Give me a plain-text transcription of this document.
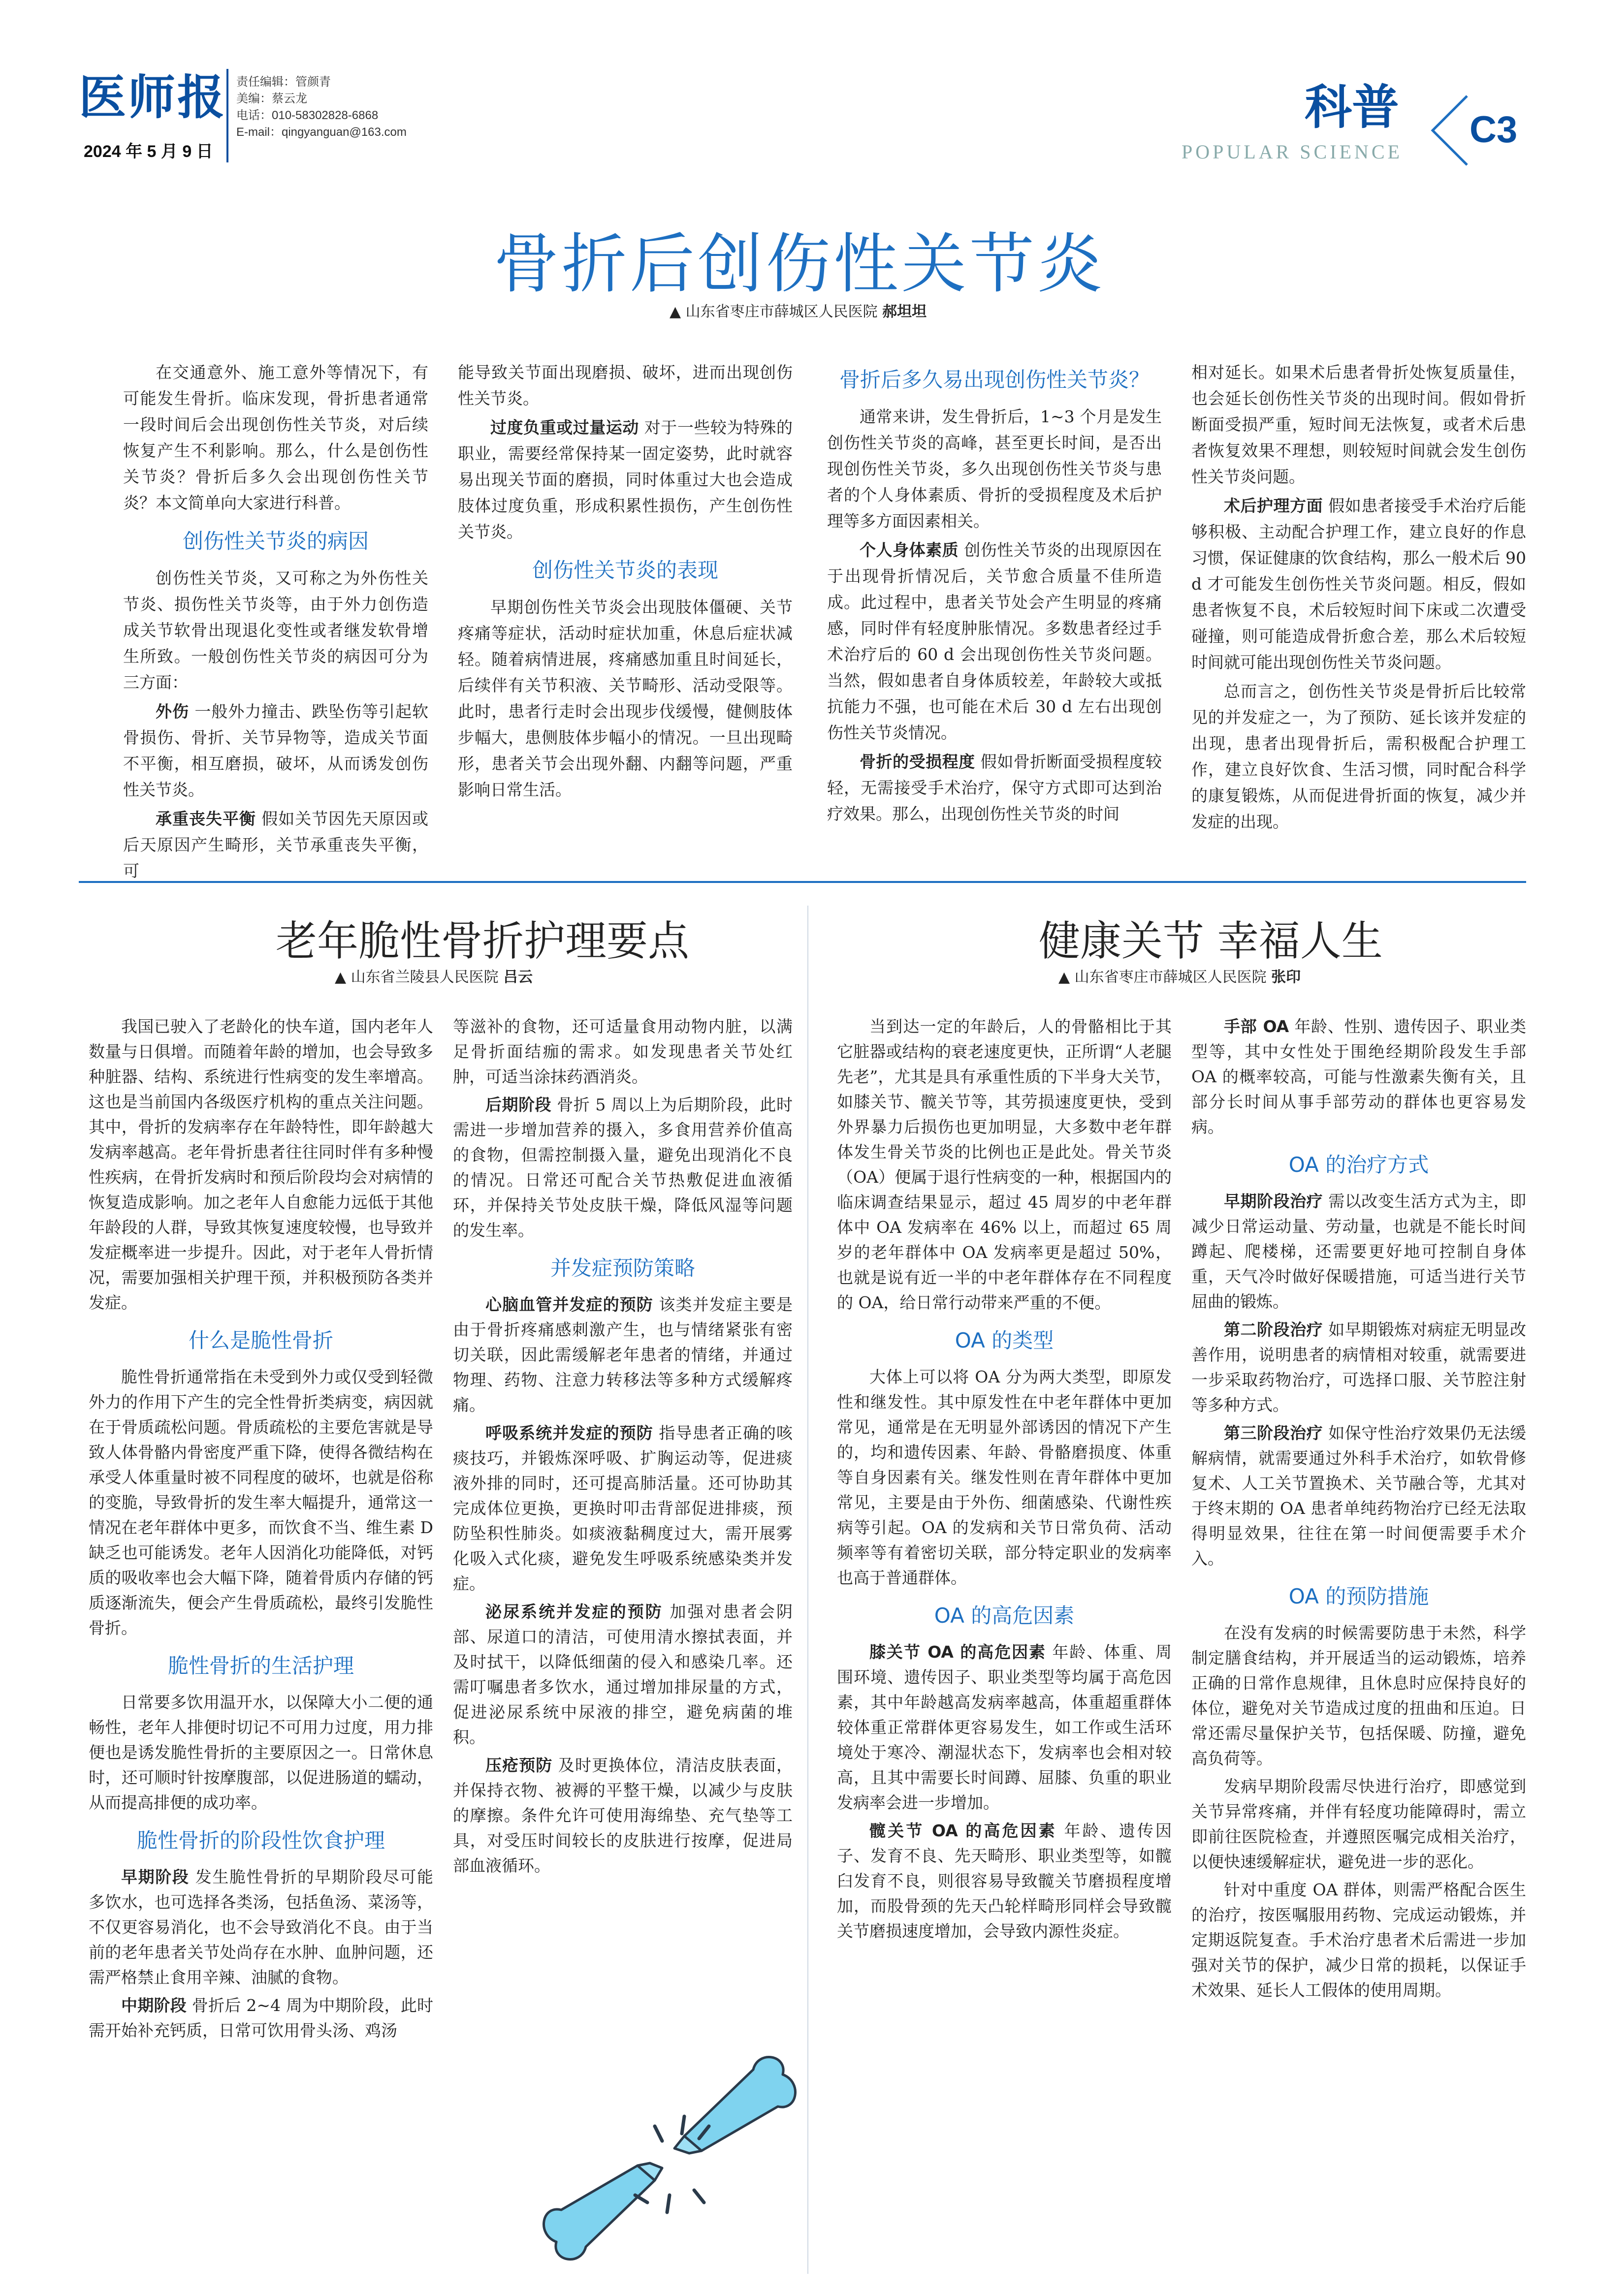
医师报
2024 年 5 月 9 日
责任编辑：管颜青
美编：蔡云龙
电话：010-58302828-6868
E-mail：qingyanguan@163.com	科普
POPULAR SCIENCE
C3
骨折后创伤性关节炎
▲ 山东省枣庄市薛城区人民医院 郝坦坦

在交通意外、施工意外等情况下，有可能发生骨折。临床发现，骨折患者通常一段时间后会出现创伤性关节炎，对后续恢复产生不利影响。那么，什么是创伤性关节炎？骨折后多久会出现创伤性关节炎？本文简单向大家进行科普。

创伤性关节炎的病因

创伤性关节炎，又可称之为外伤性关节炎、损伤性关节炎等，由于外力创伤造成关节软骨出现退化变性或者继发软骨增生所致。一般创伤性关节炎的病因可分为三方面：

外伤 一般外力撞击、跌坠伤等引起软骨损伤、骨折、关节异物等，造成关节面不平衡，相互磨损，破坏，从而诱发创伤性关节炎。

承重丧失平衡 假如关节因先天原因或后天原因产生畸形，关节承重丧失平衡，可

能导致关节面出现磨损、破坏，进而出现创伤性关节炎。

过度负重或过量运动 对于一些较为特殊的职业，需要经常保持某一固定姿势，此时就容易出现关节面的磨损，同时体重过大也会造成肢体过度负重，形成积累性损伤，产生创伤性关节炎。

创伤性关节炎的表现

早期创伤性关节炎会出现肢体僵硬、关节疼痛等症状，活动时症状加重，休息后症状减轻。随着病情进展，疼痛感加重且时间延长，后续伴有关节积液、关节畸形、活动受限等。此时，患者行走时会出现步伐缓慢，健侧肢体步幅大，患侧肢体步幅小的情况。一旦出现畸形，患者关节会出现外翻、内翻等问题，严重影响日常生活。

骨折后多久易出现创伤性关节炎？

通常来讲，发生骨折后，1~3 个月是发生创伤性关节炎的高峰，甚至更长时间，是否出现创伤性关节炎，多久出现创伤性关节炎与患者的个人身体素质、骨折的受损程度及术后护理等多方面因素相关。

个人身体素质 创伤性关节炎的出现原因在于出现骨折情况后，关节愈合质量不佳所造成。此过程中，患者关节处会产生明显的疼痛感，同时伴有轻度肿胀情况。多数患者经过手术治疗后的 60 d 会出现创伤性关节炎问题。当然，假如患者自身体质较差，年龄较大或抵抗能力不强，也可能在术后 30 d 左右出现创伤性关节炎情况。

骨折的受损程度 假如骨折断面受损程度较轻，无需接受手术治疗，保守方式即可达到治疗效果。那么，出现创伤性关节炎的时间

相对延长。如果术后患者骨折处恢复质量佳，也会延长创伤性关节炎的出现时间。假如骨折断面受损严重，短时间无法恢复，或者术后患者恢复效果不理想，则较短时间就会发生创伤性关节炎问题。

术后护理方面 假如患者接受手术治疗后能够积极、主动配合护理工作，建立良好的作息习惯，保证健康的饮食结构，那么一般术后 90 d 才可能发生创伤性关节炎问题。相反，假如患者恢复不良，术后较短时间下床或二次遭受碰撞，则可能造成骨折愈合差，那么术后较短时间就可能出现创伤性关节炎问题。

总而言之，创伤性关节炎是骨折后比较常见的并发症之一，为了预防、延长该并发症的出现，患者出现骨折后，需积极配合护理工作，建立良好饮食、生活习惯，同时配合科学的康复锻炼，从而促进骨折面的恢复，减少并发症的出现。

老年脆性骨折护理要点
▲ 山东省兰陵县人民医院 吕云

我国已驶入了老龄化的快车道，国内老年人数量与日俱增。而随着年龄的增加，也会导致多种脏器、结构、系统进行性病变的发生率增高。这也是当前国内各级医疗机构的重点关注问题。其中，骨折的发病率存在年龄特性，即年龄越大发病率越高。老年骨折患者往往同时伴有多种慢性疾病，在骨折发病时和预后阶段均会对病情的恢复造成影响。加之老年人自愈能力远低于其他年龄段的人群，导致其恢复速度较慢，也导致并发症概率进一步提升。因此，对于老年人骨折情况，需要加强相关护理干预，并积极预防各类并发症。

什么是脆性骨折

脆性骨折通常指在未受到外力或仅受到轻微外力的作用下产生的完全性骨折类病变，病因就在于骨质疏松问题。骨质疏松的主要危害就是导致人体骨骼内骨密度严重下降，使得各微结构在承受人体重量时被不同程度的破坏，也就是俗称的变脆，导致骨折的发生率大幅提升，通常这一情况在老年群体中更多，而饮食不当、维生素 D 缺乏也可能诱发。老年人因消化功能降低，对钙质的吸收率也会大幅下降，随着骨质内存储的钙质逐渐流失，便会产生骨质疏松，最终引发脆性骨折。

脆性骨折的生活护理

日常要多饮用温开水，以保障大小二便的通畅性，老年人排便时切记不可用力过度，用力排便也是诱发脆性骨折的主要原因之一。日常休息时，还可顺时针按摩腹部，以促进肠道的蠕动，从而提高排便的成功率。

脆性骨折的阶段性饮食护理

早期阶段 发生脆性骨折的早期阶段尽可能多饮水，也可选择各类汤，包括鱼汤、菜汤等，不仅更容易消化，也不会导致消化不良。由于当前的老年患者关节处尚存在水肿、血肿问题，还需严格禁止食用辛辣、油腻的食物。

中期阶段 骨折后 2~4 周为中期阶段，此时需开始补充钙质，日常可饮用骨头汤、鸡汤

等滋补的食物，还可适量食用动物内脏，以满足骨折面结痂的需求。如发现患者关节处红肿，可适当涂抹药酒消炎。

后期阶段 骨折 5 周以上为后期阶段，此时需进一步增加营养的摄入，多食用营养价值高的食物，但需控制摄入量，避免出现消化不良的情况。日常还可配合关节热敷促进血液循环，并保持关节处皮肤干燥，降低风湿等问题的发生率。

并发症预防策略

心脑血管并发症的预防 该类并发症主要是由于骨折疼痛感刺激产生，也与情绪紧张有密切关联，因此需缓解老年患者的情绪，并通过物理、药物、注意力转移法等多种方式缓解疼痛。

呼吸系统并发症的预防 指导患者正确的咳痰技巧，并锻炼深呼吸、扩胸运动等，促进痰液外排的同时，还可提高肺活量。还可协助其完成体位更换，更换时叩击背部促进排痰，预防坠积性肺炎。如痰液黏稠度过大，需开展雾化吸入式化痰，避免发生呼吸系统感染类并发症。

泌尿系统并发症的预防 加强对患者会阴部、尿道口的清洁，可使用清水擦拭表面，并及时拭干，以降低细菌的侵入和感染几率。还需叮嘱患者多饮水，通过增加排尿量的方式，促进泌尿系统中尿液的排空，避免病菌的堆积。

压疮预防 及时更换体位，清洁皮肤表面，并保持衣物、被褥的平整干燥，以减少与皮肤的摩擦。条件允许可使用海绵垫、充气垫等工具，对受压时间较长的皮肤进行按摩，促进局部血液循环。

健康关节 幸福人生
▲ 山东省枣庄市薛城区人民医院 张印

当到达一定的年龄后，人的骨骼相比于其它脏器或结构的衰老速度更快，正所谓“人老腿先老”，尤其是具有承重性质的下半身大关节，如膝关节、髋关节等，其劳损速度更快，受到外界暴力后损伤也更加明显，大多数中老年群体发生骨关节炎的比例也正是此处。骨关节炎（OA）便属于退行性病变的一种，根据国内的临床调查结果显示，超过 45 周岁的中老年群体中 OA 发病率在 46% 以上，而超过 65 周岁的老年群体中 OA 发病率更是超过 50%，也就是说有近一半的中老年群体存在不同程度的 OA，给日常行动带来严重的不便。

OA 的类型

大体上可以将 OA 分为两大类型，即原发性和继发性。其中原发性在中老年群体中更加常见，通常是在无明显外部诱因的情况下产生的，均和遗传因素、年龄、骨骼磨损度、体重等自身因素有关。继发性则在青年群体中更加常见，主要是由于外伤、细菌感染、代谢性疾病等引起。OA 的发病和关节日常负荷、活动频率等有着密切关联，部分特定职业的发病率也高于普通群体。

OA 的高危因素

膝关节 OA 的高危因素 年龄、体重、周围环境、遗传因子、职业类型等均属于高危因素，其中年龄越高发病率越高，体重超重群体较体重正常群体更容易发生，如工作或生活环境处于寒冷、潮湿状态下，发病率也会相对较高，且其中需要长时间蹲、屈膝、负重的职业发病率会进一步增加。

髋关节 OA 的高危因素 年龄、遗传因子、发育不良、先天畸形、职业类型等，如髋臼发育不良，则很容易导致髋关节磨损程度增加，而股骨颈的先天凸轮样畸形同样会导致髋关节磨损速度增加，会导致内源性炎症。

手部 OA 年龄、性别、遗传因子、职业类型等，其中女性处于围绝经期阶段发生手部 OA 的概率较高，可能与性激素失衡有关，且部分长时间从事手部劳动的群体也更容易发病。

OA 的治疗方式

早期阶段治疗 需以改变生活方式为主，即减少日常运动量、劳动量，也就是不能长时间蹲起、爬楼梯，还需要更好地可控制自身体重，天气冷时做好保暖措施，可适当进行关节屈曲的锻炼。

第二阶段治疗 如早期锻炼对病症无明显改善作用，说明患者的病情相对较重，就需要进一步采取药物治疗，可选择口服、关节腔注射等多种方式。

第三阶段治疗 如保守性治疗效果仍无法缓解病情，就需要通过外科手术治疗，如软骨修复术、人工关节置换术、关节融合等，尤其对于终末期的 OA 患者单纯药物治疗已经无法取得明显效果，往往在第一时间便需要手术介入。

OA 的预防措施

在没有发病的时候需要防患于未然，科学制定膳食结构，并开展适当的运动锻炼，培养正确的日常作息规律，且休息时应保持良好的体位，避免对关节造成过度的扭曲和压迫。日常还需尽量保护关节，包括保暖、防撞，避免高负荷等。

发病早期阶段需尽快进行治疗，即感觉到关节异常疼痛，并伴有轻度功能障碍时，需立即前往医院检查，并遵照医嘱完成相关治疗，以便快速缓解症状，避免进一步的恶化。

针对中重度 OA 群体，则需严格配合医生的治疗，按医嘱服用药物、完成运动锻炼，并定期返院复查。手术治疗患者术后需进一步加强对关节的保护，减少日常的损耗，以保证手术效果、延长人工假体的使用周期。
